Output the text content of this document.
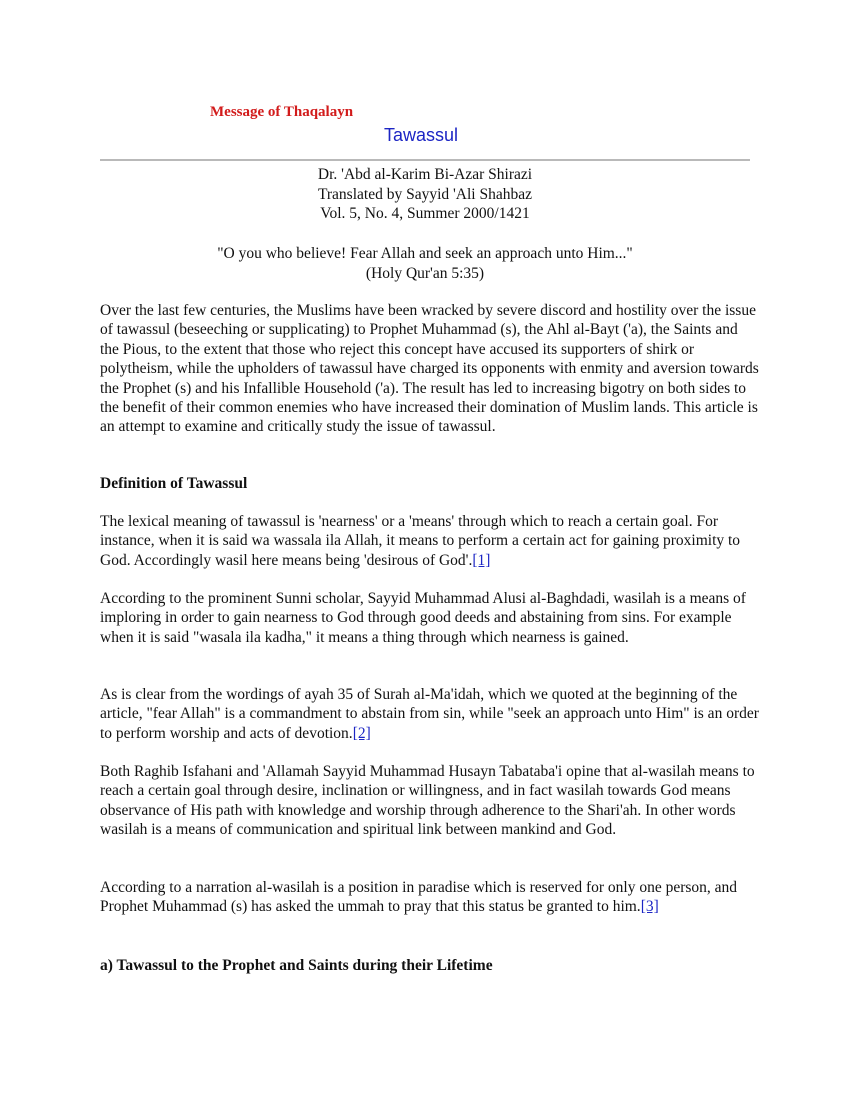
Message of Thaqalayn
Tawassul
Dr. 'Abd al-Karim Bi-Azar Shirazi
Translated by Sayyid 'Ali Shahbaz
Vol. 5, No. 4, Summer 2000/1421
"O you who believe! Fear Allah and seek an approach unto Him..."
(Holy Qur'an 5:35)

Over the last few centuries, the Muslims have been wracked by severe discord and hostility over the issue of tawassul (beseeching or supplicating) to Prophet Muhammad (s), the Ahl al-Bayt ('a), the Saints and the Pious, to the extent that those who reject this concept have accused its supporters of shirk or polytheism, while the upholders of tawassul have charged its opponents with enmity and aversion towards the Prophet (s) and his Infallible Household ('a). The result has led to increasing bigotry on both sides to the benefit of their common enemies who have increased their domination of Muslim lands. This article is an attempt to examine and critically study the issue of tawassul.

Definition of Tawassul

The lexical meaning of tawassul is 'nearness' or a 'means' through which to reach a certain goal. For instance, when it is said wa wassala ila Allah, it means to perform a certain act for gaining proximity to God. Accordingly wasil here means being 'desirous of God'.[1]

According to the prominent Sunni scholar, Sayyid Muhammad Alusi al-Baghdadi, wasilah is a means of imploring in order to gain nearness to God through good deeds and abstaining from sins. For example when it is said "wasala ila kadha," it means a thing through which nearness is gained.

As is clear from the wordings of ayah 35 of Surah al-Ma'idah, which we quoted at the beginning of the article, "fear Allah" is a commandment to abstain from sin, while "seek an approach unto Him" is an order to perform worship and acts of devotion.[2]

Both Raghib Isfahani and 'Allamah Sayyid Muhammad Husayn Tabataba'i opine that al-wasilah means to reach a certain goal through desire, inclination or willingness, and in fact wasilah towards God means observance of His path with knowledge and worship through adherence to the Shari'ah. In other words wasilah is a means of communication and spiritual link between mankind and God.

According to a narration al-wasilah is a position in paradise which is reserved for only one person, and Prophet Muhammad (s) has asked the ummah to pray that this status be granted to him.[3]

a) Tawassul to the Prophet and Saints during their Lifetime
